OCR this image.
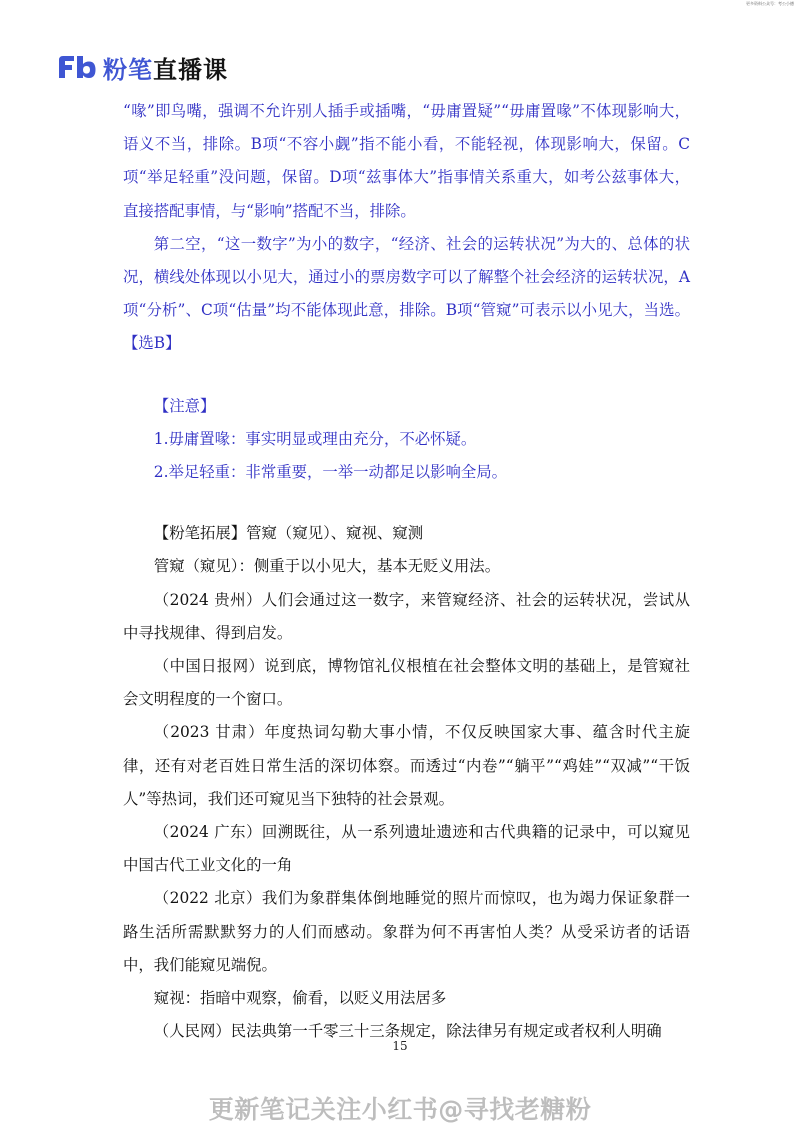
更多资料公众号：考公小德
粉笔直播课

“喙”即鸟嘴，强调不允许别人插手或插嘴，“毋庸置疑”“毋庸置喙”不体现影响大，语义不当，排除。B项“不容小觑”指不能小看，不能轻视，体现影响大，保留。C项“举足轻重”没问题，保留。D项“兹事体大”指事情关系重大，如考公兹事体大，直接搭配事情，与“影响”搭配不当，排除。

第二空，“这一数字”为小的数字，“经济、社会的运转状况”为大的、总体的状况，横线处体现以小见大，通过小的票房数字可以了解整个社会经济的运转状况，A项“分析”、C项“估量”均不能体现此意，排除。B项“管窥”可表示以小见大，当选。【选B】

【注意】

1.毋庸置喙：事实明显或理由充分，不必怀疑。

2.举足轻重：非常重要，一举一动都足以影响全局。

【粉笔拓展】管窥（窥见）、窥视、窥测

管窥（窥见）：侧重于以小见大，基本无贬义用法。

（2024 贵州）人们会通过这一数字，来管窥经济、社会的运转状况，尝试从中寻找规律、得到启发。

（中国日报网）说到底，博物馆礼仪根植在社会整体文明的基础上，是管窥社会文明程度的一个窗口。

（2023 甘肃）年度热词勾勒大事小情，不仅反映国家大事、蕴含时代主旋律，还有对老百姓日常生活的深切体察。而透过“内卷”“躺平”“鸡娃”“双减”“干饭人”等热词，我们还可窥见当下独特的社会景观。

（2024 广东）回溯既往，从一系列遗址遗迹和古代典籍的记录中，可以窥见中国古代工业文化的一角

（2022 北京）我们为象群集体倒地睡觉的照片而惊叹，也为竭力保证象群一路生活所需默默努力的人们而感动。象群为何不再害怕人类？从受采访者的话语中，我们能窥见端倪。

窥视：指暗中观察，偷看，以贬义用法居多

（人民网）民法典第一千零三十三条规定，除法律另有规定或者权利人明确

15
更新笔记关注小红书@寻找老糖粉
